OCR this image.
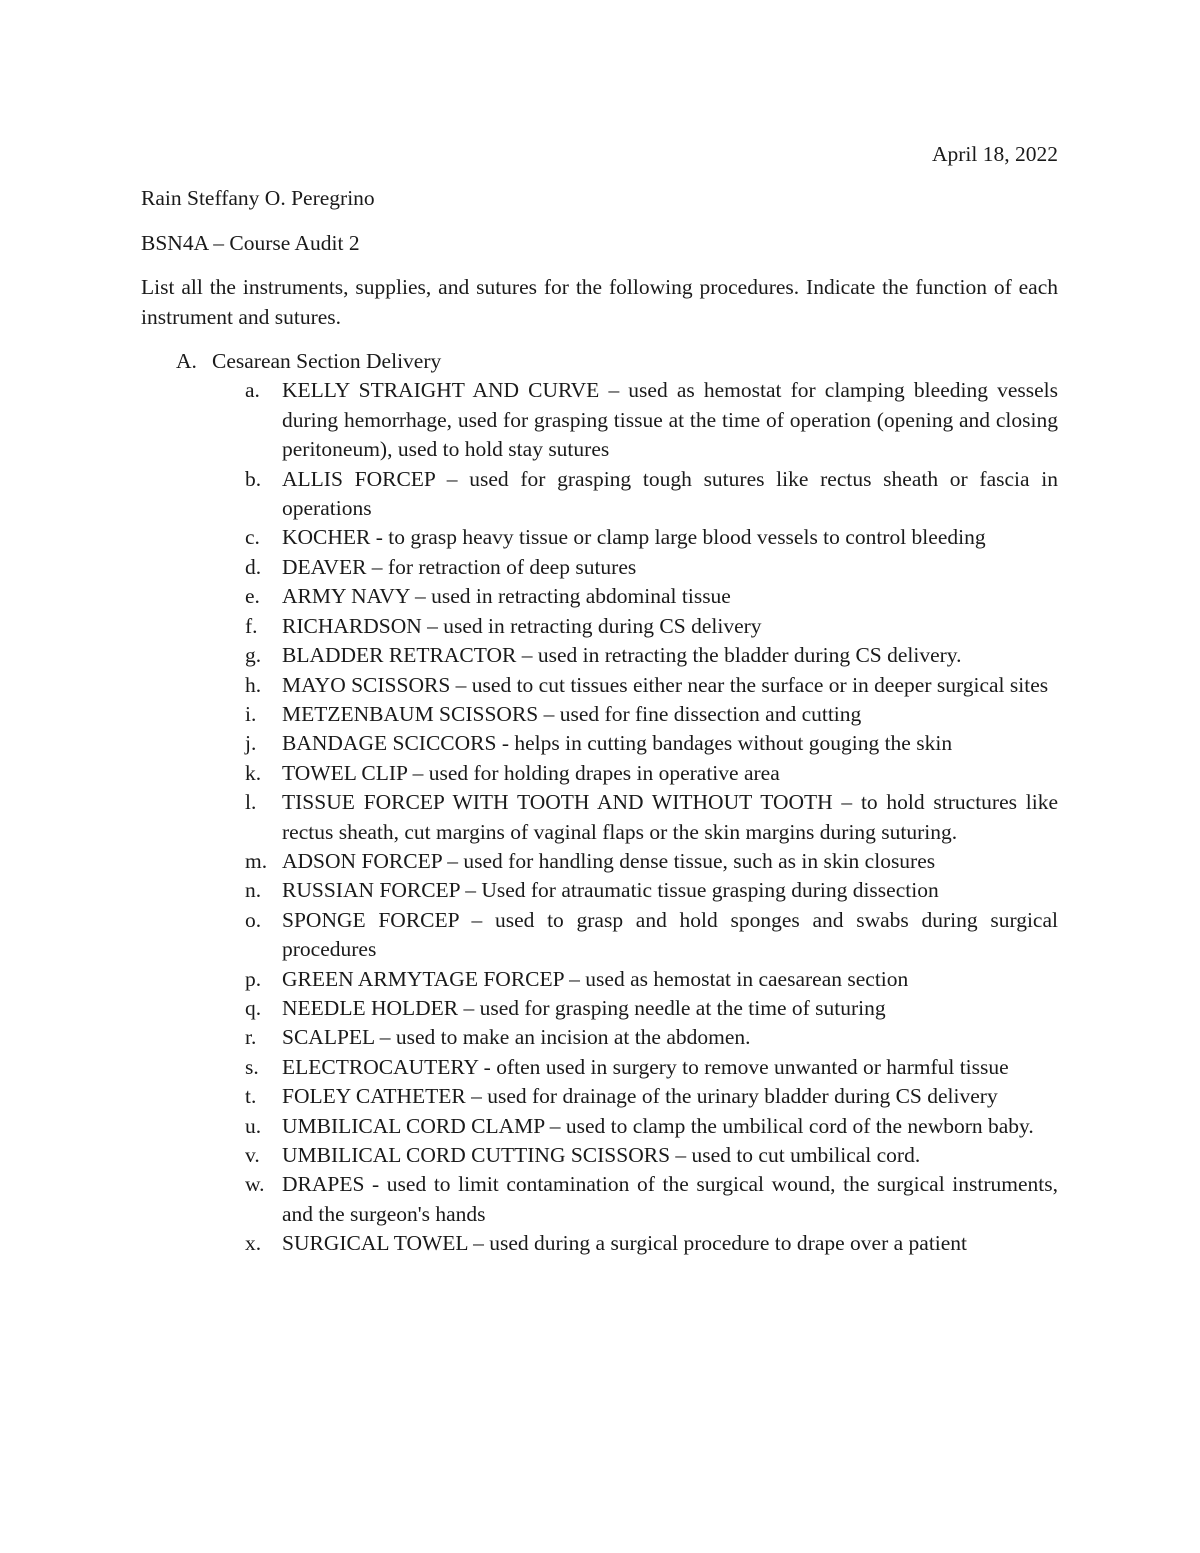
April 18, 2022

Rain Steffany O. Peregrino

BSN4A – Course Audit 2

List all the instruments, supplies, and sutures for the following procedures. Indicate the function of each instrument and sutures.

A. Cesarean Section Delivery
a. KELLY STRAIGHT AND CURVE – used as hemostat for clamping bleeding vessels during hemorrhage, used for grasping tissue at the time of operation (opening and closing peritoneum), used to hold stay sutures
b. ALLIS FORCEP – used for grasping tough sutures like rectus sheath or fascia in operations
c. KOCHER - to grasp heavy tissue or clamp large blood vessels to control bleeding
d. DEAVER – for retraction of deep sutures
e. ARMY NAVY – used in retracting abdominal tissue
f. RICHARDSON – used in retracting during CS delivery
g. BLADDER RETRACTOR – used in retracting the bladder during CS delivery.
h. MAYO SCISSORS – used to cut tissues either near the surface or in deeper surgical sites
i. METZENBAUM SCISSORS – used for fine dissection and cutting
j. BANDAGE SCICCORS - helps in cutting bandages without gouging the skin
k. TOWEL CLIP – used for holding drapes in operative area
l. TISSUE FORCEP WITH TOOTH AND WITHOUT TOOTH – to hold structures like rectus sheath, cut margins of vaginal flaps or the skin margins during suturing.
m. ADSON FORCEP – used for handling dense tissue, such as in skin closures
n. RUSSIAN FORCEP – Used for atraumatic tissue grasping during dissection
o. SPONGE FORCEP – used to grasp and hold sponges and swabs during surgical procedures
p. GREEN ARMYTAGE FORCEP – used as hemostat in caesarean section
q. NEEDLE HOLDER – used for grasping needle at the time of suturing
r. SCALPEL – used to make an incision at the abdomen.
s. ELECTROCAUTERY - often used in surgery to remove unwanted or harmful tissue
t. FOLEY CATHETER – used for drainage of the urinary bladder during CS delivery
u. UMBILICAL CORD CLAMP – used to clamp the umbilical cord of the newborn baby.
v. UMBILICAL CORD CUTTING SCISSORS – used to cut umbilical cord.
w. DRAPES - used to limit contamination of the surgical wound, the surgical instruments, and the surgeon's hands
x. SURGICAL TOWEL – used during a surgical procedure to drape over a patient
